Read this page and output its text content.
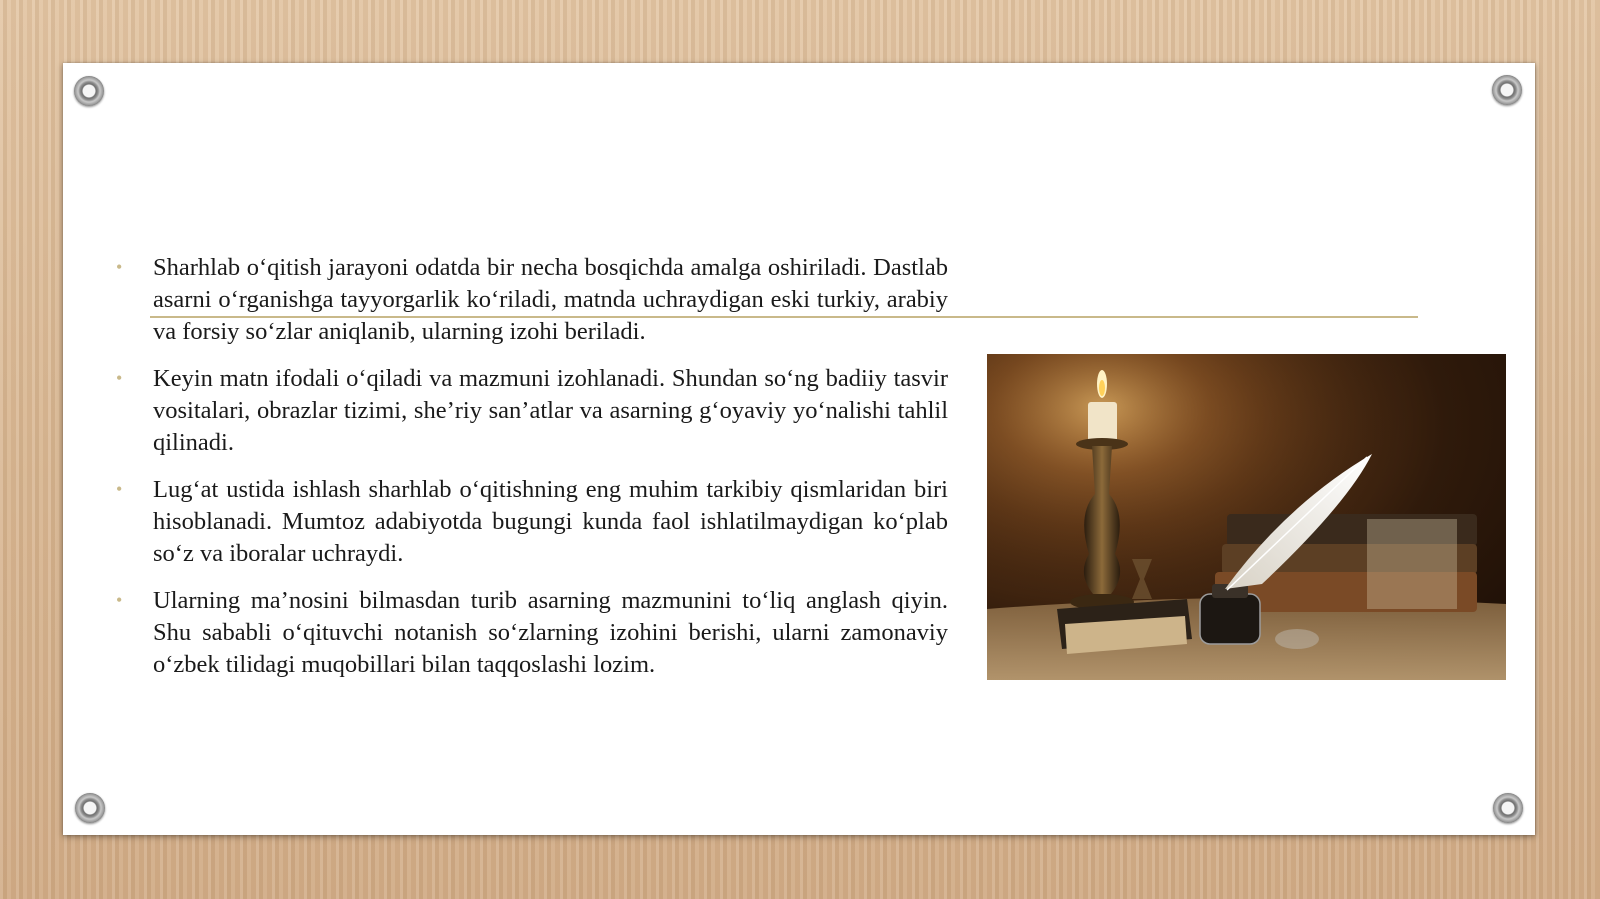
• Sharhlab o‘qitish jarayoni odatda bir necha bosqichda amalga oshiriladi. Dastlab asarni o‘rganishga tayyorgarlik ko‘riladi, matnda uchraydigan eski turkiy, arabiy va forsiy so‘zlar aniqlanib, ularning izohi beriladi.
• Keyin matn ifodali o‘qiladi va mazmuni izohlanadi. Shundan so‘ng badiiy tasvir vositalari, obrazlar tizimi, she’riy san’atlar va asarning g‘oyaviy yo‘nalishi tahlil qilinadi.
• Lug‘at ustida ishlash sharhlab o‘qitishning eng muhim tarkibiy qismlaridan biri hisoblanadi. Mumtoz adabiyotda bugungi kunda faol ishlatilmaydigan ko‘plab so‘z va iboralar uchraydi.
• Ularning ma’nosini bilmasdan turib asarning mazmunini to‘liq anglash qiyin. Shu sababli o‘qituvchi notanish so‘zlarning izohini berishi, ularni zamonaviy o‘zbek tilidagi muqobillari bilan taqqoslashi lozim.
